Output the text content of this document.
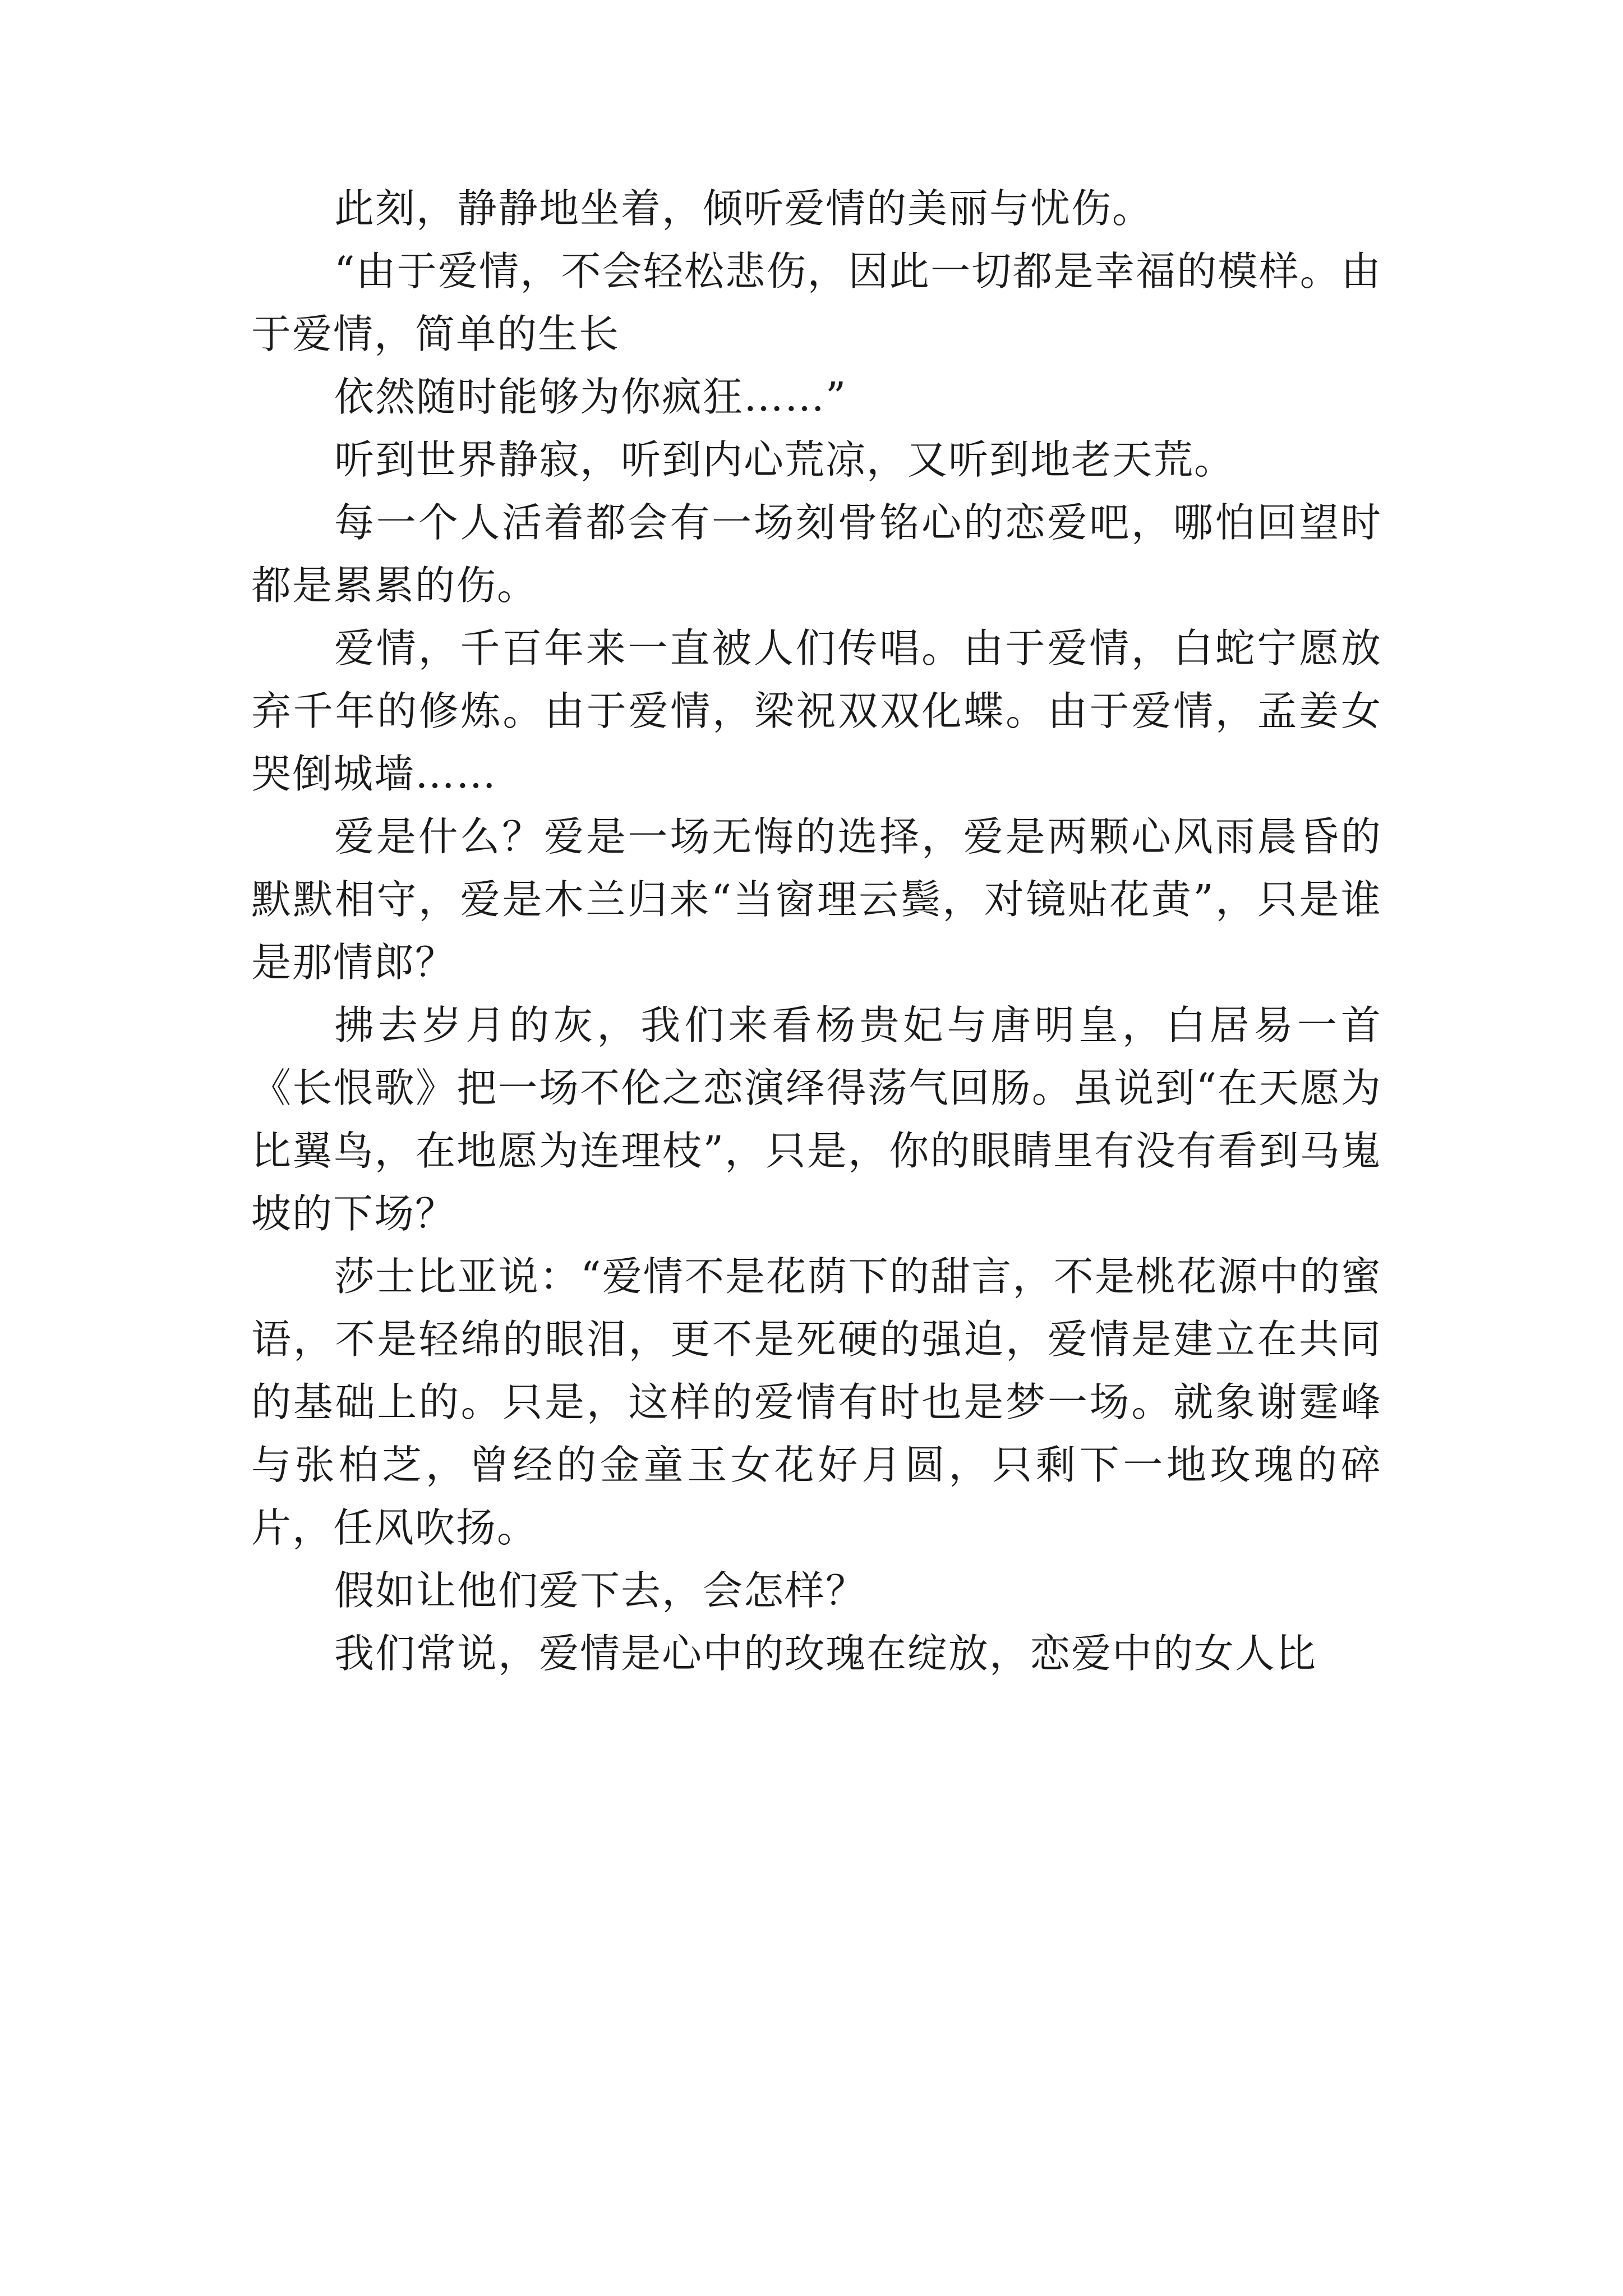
此刻，静静地坐着，倾听爱情的美丽与忧伤。

“由于爱情，不会轻松悲伤，因此一切都是幸福的模样。由于爱情，简单的生长

依然随时能够为你疯狂……”

听到世界静寂，听到内心荒凉，又听到地老天荒。

每一个人活着都会有一场刻骨铭心的恋爱吧，哪怕回望时都是累累的伤。

爱情，千百年来一直被人们传唱。由于爱情，白蛇宁愿放弃千年的修炼。由于爱情，梁祝双双化蝶。由于爱情，孟姜女哭倒城墙……

爱是什么？爱是一场无悔的选择，爱是两颗心风雨晨昏的默默相守，爱是木兰归来“当窗理云鬓，对镜贴花黄”，只是谁是那情郎？

拂去岁月的灰，我们来看杨贵妃与唐明皇，白居易一首《长恨歌》把一场不伦之恋演绎得荡气回肠。虽说到“在天愿为比翼鸟，在地愿为连理枝”，只是，你的眼睛里有没有看到马嵬坡的下场？

莎士比亚说：“爱情不是花荫下的甜言，不是桃花源中的蜜语，不是轻绵的眼泪，更不是死硬的强迫，爱情是建立在共同的基础上的。只是，这样的爱情有时也是梦一场。就象谢霆峰与张柏芝，曾经的金童玉女花好月圆，只剩下一地玫瑰的碎片，任风吹扬。

假如让他们爱下去，会怎样？

我们常说，爱情是心中的玫瑰在绽放，恋爱中的女人比
